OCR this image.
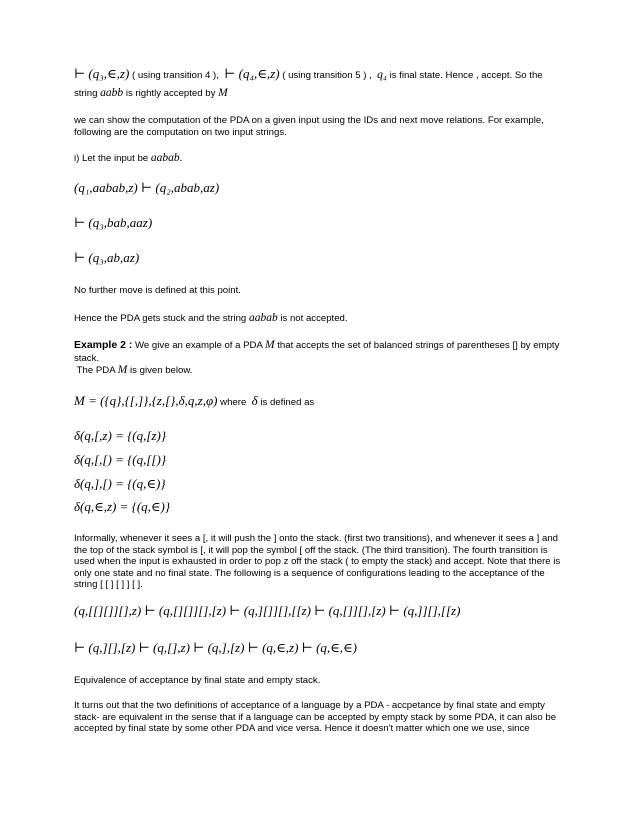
⊢ (q₃,∈,z) ( using transition 4 ), ⊢ (q₄,∈,z) ( using transition 5 ) , q₄ is final state. Hence , accept. So the
string aabb is rightly accepted by M

we can show the computation of the PDA on a given input using the IDs and next move relations. For example, following are the computation on two input strings.

i) Let the input be aabab.
(q₁,aabab,z) ⊢ (q₂,abab,az)
⊢ (q₃,bab,aaz)
⊢ (q₃,ab,az)

No further move is defined at this point.

Hence the PDA gets stuck and the string aabab is not accepted.
Example 2 : We give an example of a PDA M that accepts the set of balanced strings of parentheses [] by empty stack.
The PDA M is given below.
M = ({q},{[,]},{z,[},δ,q,z,φ) where δ is defined as
δ(q,[,z) = {(q,[z)}
δ(q,[,[) = {(q,[[)}
δ(q,],[) = {(q,∈)}
δ(q,∈,z) = {(q,∈)}

Informally, whenever it sees a [, it will push the ] onto the stack. (first two transitions), and whenever it sees a ] and the top of the stack symbol is [, it will pop the symbol [ off the stack. (The third transition). The fourth transition is used when the input is exhausted in order to pop z off the stack ( to empty the stack) and accept. Note that there is only one state and no final state. The following is a sequence of configurations leading to the acceptance of the string [ [ ] [ ] ] [ ].

(q,[[][]][],z) ⊢ (q,[][]][],[z) ⊢ (q,][]][],[[z) ⊢ (q,[]][],[z) ⊢ (q,]][],[[z)
⊢ (q,][],[z) ⊢ (q,[],z) ⊢ (q,],[z) ⊢ (q,∈,z) ⊢ (q,∈,∈)

Equivalence of acceptance by final state and empty stack.

It turns out that the two definitions of acceptance of a language by a PDA - accpetance by final state and empty stack- are equivalent in the sense that if a language can be accepted by empty stack by some PDA, it can also be accepted by final state by some other PDA and vice versa. Hence it doesn't matter which one we use, since
